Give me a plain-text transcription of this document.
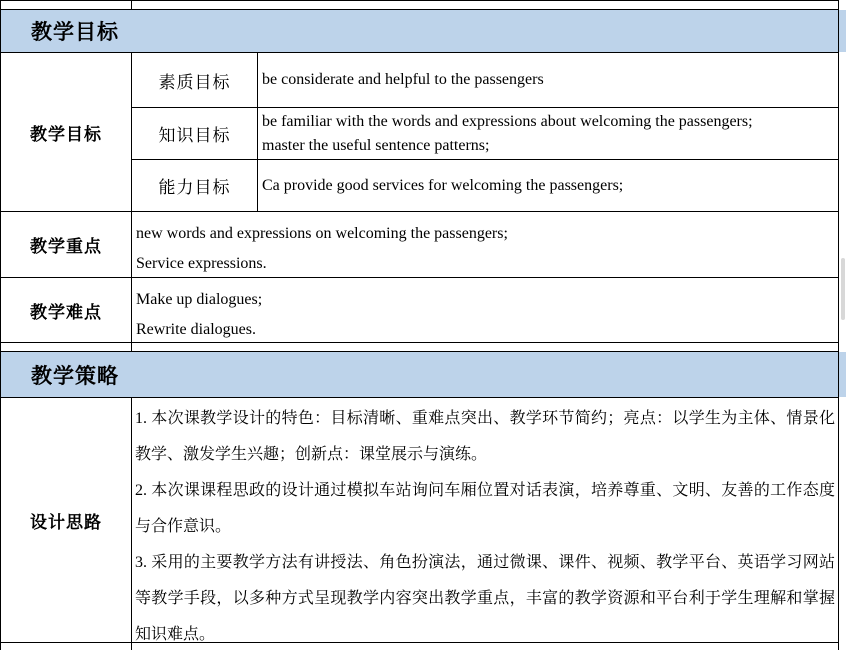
教学目标
教学目标
素质目标	be considerate and helpful to the passengers
知识目标
be familiar with the words and expressions about welcoming the passengers;
master the useful sentence patterns;
能力目标	Ca provide good services for welcoming the passengers;
教学重点
new words and expressions on welcoming the passengers;
Service expressions.
教学难点
Make up dialogues;
Rewrite dialogues.
教学策略
设计思路
1. 本次课教学设计的特色：目标清晰、重难点突出、教学环节简约；亮点：以学生为主体、情景化教学、激发学生兴趣；创新点：课堂展示与演练。
2. 本次课课程思政的设计通过模拟车站询问车厢位置对话表演，培养尊重、文明、友善的工作态度与合作意识。
3. 采用的主要教学方法有讲授法、角色扮演法，通过微课、课件、视频、教学平台、英语学习网站等教学手段，以多种方式呈现教学内容突出教学重点，丰富的教学资源和平台利于学生理解和掌握知识难点。
